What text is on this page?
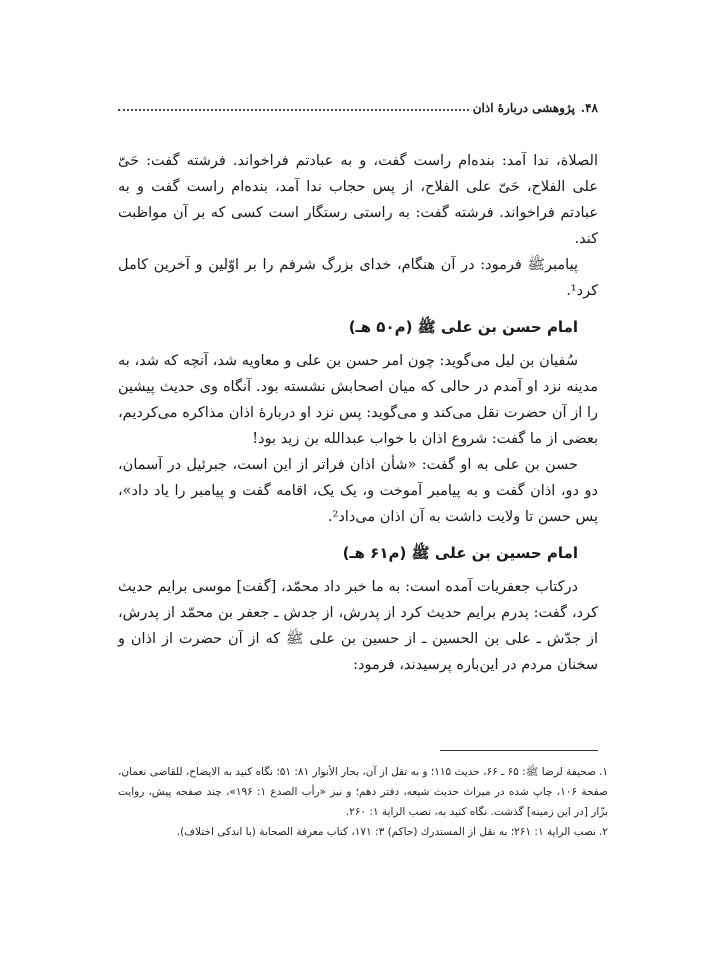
۴۸.
پژوهشی دربارۀ اذان

الصلاة، ندا آمد: بنده‌ام راست گفت، و به عبادتم فراخواند. فرشته گفت: حَیّ علی الفلاح، حَیّ علی الفلاح، از پس حجاب ندا آمد، بنده‌ام راست گفت و به عبادتم فراخواند. فرشته گفت: به راستی رستگار است کسی که بر آن مواظبت کند.

پیامبرﷺ فرمود: در آن هنگام، خدای بزرگ شرفم را بر اوّلین و آخرین کامل کرد¹.

امام حسن بن علی ﷺ (م۵۰ هـ)

سُفیان بن لیل می‌گوید: چون امر حسن بن علی و معاویه شد، آنچه که شد، به مدینه نزد او آمدم در حالی که میان اصحابش نشسته بود. آنگاه وی حدیث پیشین را از آن حضرت نقل می‌کند و می‌گوید: پس نزد او دربارۀ اذان مذاکره می‌کردیم، بعضی از ما گفت: شروع اذان با خواب عبدالله بن زید بود!

حسن بن علی به او گفت: «شأن اذان فراتر از این است، جبرئیل در آسمان، دو دو، اذان گفت و به پیامبر آموخت و، یک یک، اقامه گفت و پیامبر را یاد داد»، پس حسن تا ولایت داشت به آن اذان می‌داد².

امام حسین بن علی ﷺ (م۶۱ هـ)

درکتاب جعفریات آمده است: به ما خبر داد محمّد، [گفت] موسی برایم حدیث کرد، گفت: پدرم برایم حدیث کرد از پدرش، از جدش ـ جعفر بن محمّد از پدرش، از جدّش ـ علی بن الحسین ـ از حسین بن علی ﷺ که از آن حضرت از اذان و سخنان مردم در این‌باره پرسیدند، فرمود:

۱.صحیفة لرضا ﷺ: ۶۵ ـ ۶۶، حدیث ۱۱۵؛ و به نقل از آن، بحار الأنوار ۸۱: ۵۱؛ نگاه کنید به الایضاح، للقاضی نعمان، صفحة ۱۰۶، چاپ شده در میراث حدیث شیعه، دفتر دهم؛ و نیز «رأب الصدع ۱: ۱۹۶»، چند صفحه پیش، روایت بزّار [در این زمینه] گذشت. نگاه کنید به، نصب الرایة ۱: ۲۶۰.

۲.نصب الرایة ۱: ۲۶۱؛ به نقل از المستدرك (حاکم) ۳: ۱۷۱، کتاب معرفة الصحابة (با اندکی اختلاف).
